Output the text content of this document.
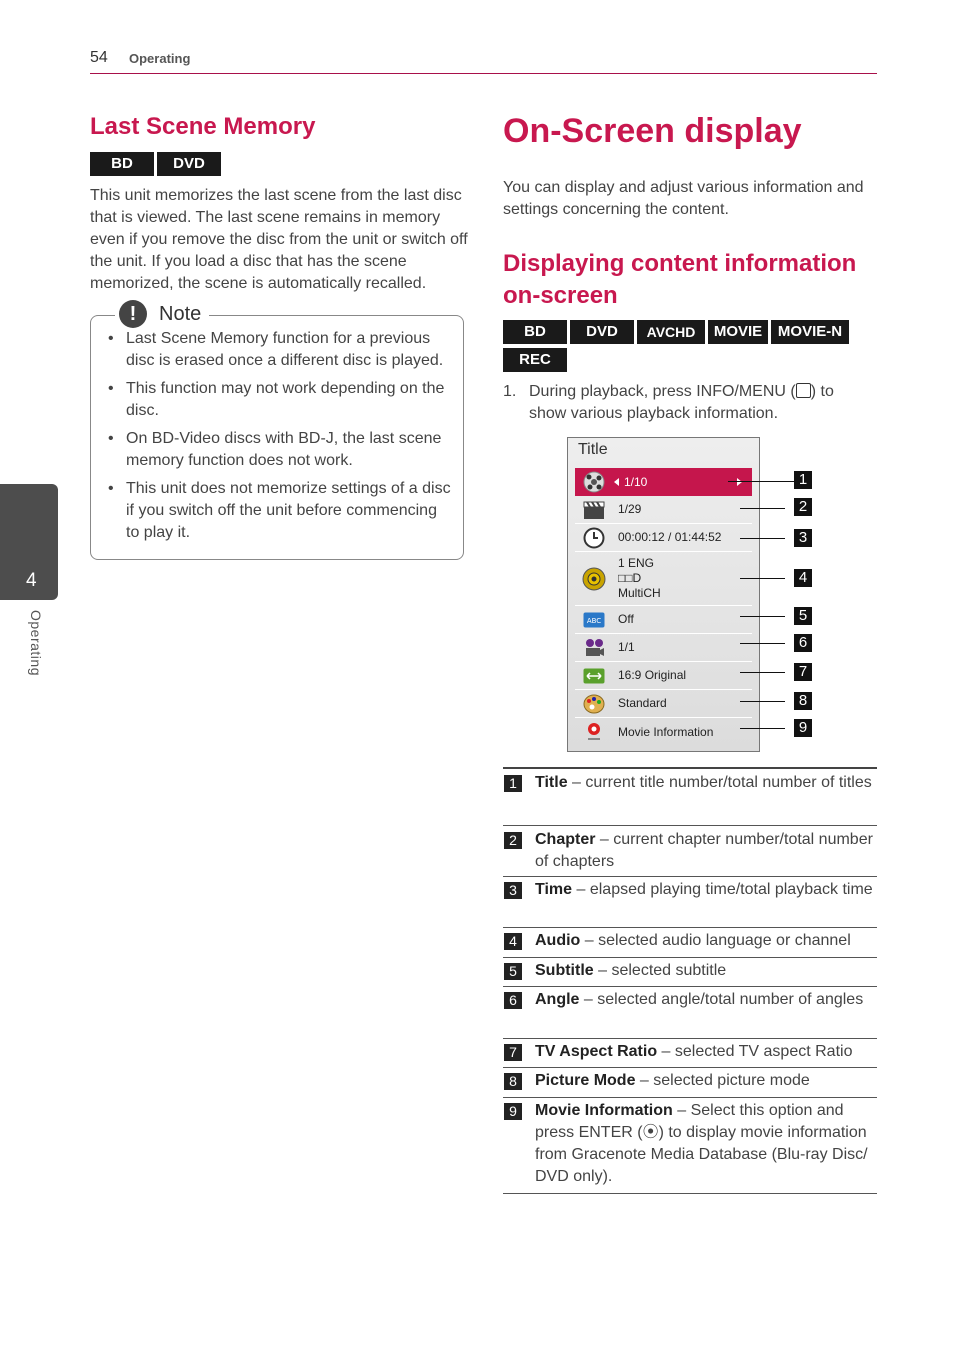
54 Operating
4
Operating
Last Scene Memory
BD	DVD
This unit memorizes the last scene from the last disc that is viewed. The last scene remains in memory even if you remove the disc from the unit or switch off the unit. If you load a disc that has the scene memorized, the scene is automatically recalled.
!	Note
• Last Scene Memory function for a previous disc is erased once a different disc is played.
• This function may not work depending on the disc.
• On BD-Video discs with BD-J, the last scene memory function does not work.
• This unit does not memorize settings of a disc if you switch off the unit before commencing to play it.
On-Screen display
You can display and adjust various information and settings concerning the content.
Displaying content information on-screen
BD	DVD	AVCHD	MOVIE	MOVIE-N
REC
1. During playback, press INFO/MENU ( ) to show various playback information.
Title
1/10
1/29
00:00:12 / 01:44:52
1 ENG
□□D
MultiCH
ABC Off
1/1
16:9 Original
Standard
Movie Information
1
2
3
4
5
6
7
8
9
1	Title – current title number/total number of titles
2	Chapter – current chapter number/total number of chapters
3	Time – elapsed playing time/total playback time
4	Audio – selected audio language or channel
5	Subtitle – selected subtitle
6	Angle – selected angle/total number of angles
7	TV Aspect Ratio – selected TV aspect Ratio
8	Picture Mode – selected picture mode
9	Movie Information – Select this option and press ENTER (⦿) to display movie information from Gracenote Media Database (Blu-ray Disc/ DVD only).
